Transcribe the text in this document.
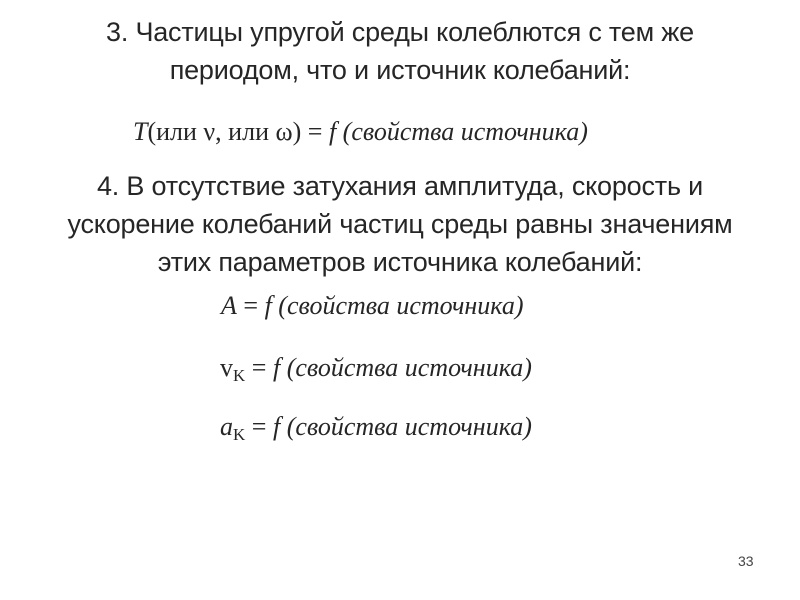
3. Частицы упругой среды колеблются с тем же
периодом, что и источник колебаний:
T(или ν, или ω) = f (свойства источника)
4. В отсутствие затухания амплитуда, скорость и
ускорение колебаний частиц среды равны значениям
этих параметров источника колебаний:
A = f (свойства источника)
vK = f (свойства источника)
aK = f (свойства источника)
33
